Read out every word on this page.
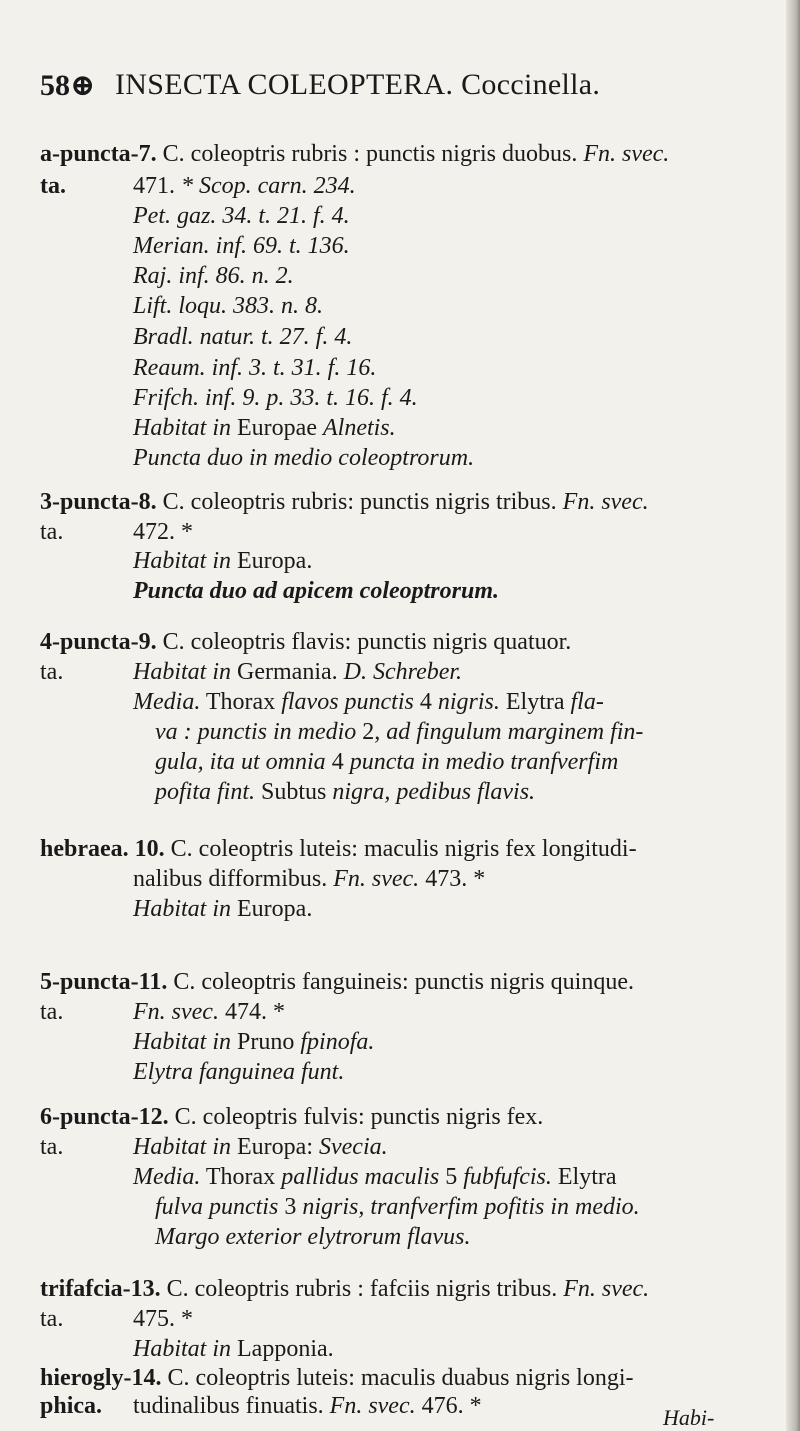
58⊕ INSECTA COLEOPTERA. Coccinella.
a-puncta-7. C. coleoptris rubris : punctis nigris duobus. Fn. svec.
ta.	471. * Scop. carn. 234.
Pet. gaz. 34. t. 21. f. 4.
Merian. inf. 69. t. 136.
Raj. inf. 86. n. 2.
Lift. loqu. 383. n. 8.
Bradl. natur. t. 27. f. 4.
Reaum. inf. 3. t. 31. f. 16.
Frifch. inf. 9. p. 33. t. 16. f. 4.
Habitat in Europae Alnetis.
Puncta duo in medio coleoptrorum.
3-puncta-8. C. coleoptris rubris: punctis nigris tribus. Fn. svec.
ta.	472. *
Habitat in Europa.
Puncta duo ad apicem coleoptrorum.
4-puncta-9. C. coleoptris flavis: punctis nigris quatuor.
ta.	Habitat in Germania. D. Schreber.
Media. Thorax flavos punctis 4 nigris. Elytra fla-
va : punctis in medio 2, ad fingulum marginem fin-
gula, ita ut omnia 4 puncta in medio tranfverfim
pofita fint. Subtus nigra, pedibus flavis.
hebraea. 10. C. coleoptris luteis: maculis nigris fex longitudi-
nalibus difformibus. Fn. svec. 473. *
Habitat in Europa.
5-puncta-11. C. coleoptris fanguineis: punctis nigris quinque.
ta.	Fn. svec. 474. *
Habitat in Pruno fpinofa.
Elytra fanguinea funt.
6-puncta-12. C. coleoptris fulvis: punctis nigris fex.
ta.	Habitat in Europa: Svecia.
Media. Thorax pallidus maculis 5 fubfufcis. Elytra
fulva punctis 3 nigris, tranfverfim pofitis in medio.
Margo exterior elytrorum flavus.
trifafcia-13. C. coleoptris rubris : fafciis nigris tribus. Fn. svec.
ta.	475. *
Habitat in Lapponia.
hierogly-14. C. coleoptris luteis: maculis duabus nigris longi-
phica. tudinalibus finuatis. Fn. svec. 476. *	Habi-
